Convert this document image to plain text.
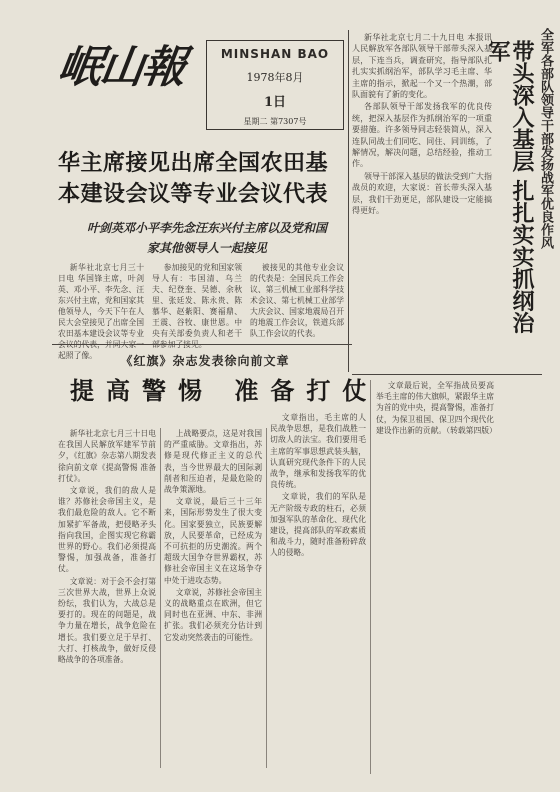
岷山報	MINSHAN BAO
1978年8月
1日
星期二 第7307号	全军各部队领导干部发扬战军优良作风
带头深入基层 扎扎实实抓纲治军

新华社北京七月二十九日电 本报讯 人民解放军各部队领导干部带头深入基层，下连当兵，调查研究，指导部队扎扎实实抓纲治军，部队学习毛主席、华主席的指示，掀起一个又一个热潮，部队面貌有了新的变化。

各部队领导干部发扬我军的优良传统，把深入基层作为抓纲治军的一项重要措施。许多领导同志轻装简从，深入连队同战士们同吃、同住、同训练，了解情况，解决问题，总结经验，推动工作。

领导干部深入基层的做法受到广大指战员的欢迎，大家说：首长带头深入基层，我们干劲更足，部队建设一定能搞得更好。

华主席接见出席全国农田基本建设会议等专业会议代表
叶剑英邓小平李先念汪东兴付主席以及党和国家其他领导人一起接见

新华社北京七月三十日电 华国锋主席，叶剑英、邓小平、李先念、汪东兴付主席，党和国家其他领导人，今天下午在人民大会堂接见了出席全国农田基本建设会议等专业 起照了像。

参加接见的党和国家领导人有：韦国清、乌兰夫、纪登奎、吴德、余秋里、张廷发、陈永贵、陈慕华、赵紫阳、赛福鼎、王震、谷牧、康世恩。中央有关部委负责人和老干

被接见的其他专业会议的代表是：全国民兵工作会议、第三机械工业部科学技术会议、第七机械工业部学大庆会议、国家地震局召开的地震工作会议，铁道兵部队工作会议的代表。

《红旗》杂志发表徐向前文章
提高警惕 准备打仗

新华社北京七月三十日电 在我国人民解放军建军节前夕，《红旗》杂志第八期发表徐向前文章《提高警惕 准备打仗》。

文章说，我们的敌人是谁？苏修社会帝国主义，是我们最危险的敌人。它不断加紧扩军备战，把侵略矛头指向我国，企图实现它称霸世界的野心。我们必须提高警惕，加强战备，准备打仗。

文章说：对于会不会打第三次世界大战，世界上众说纷纭，我们认为，大战总是要打的。现在的问题是，战争力量在增长，战争危险在增长。我们要立足于早打、大打、打核战争，做好反侵略战争的各项准备。

上战略要点，这是对我国的严重威胁。文章指出，苏修是现代修正主义的总代表，当今世界最大的国际剥削者和压迫者，是最危险的战争策源地。

文章说，最后三十三年来，国际形势发生了很大变化。国家要独立，民族要解放，人民要革命，已经成为不可抗拒的历史潮流。两个超级大国争夺世界霸权，苏修社会帝国主义在这场争夺中处于进攻态势。

文章说，苏修社会帝国主义的战略重点在欧洲，但它同时也在亚洲、中东、非洲扩张。我们必须充分估计到它发动突然袭击的可能性。

文章指出，毛主席的人民战争思想，是我们战胜一切敌人的法宝。我们要用毛主席的军事思想武装头脑，认真研究现代条件下的人民战争，继承和发扬我军的优良传统。

文章说，我们的军队是无产阶级专政的柱石，必须加强军队的革命化、现代化建设，提高部队的军政素质和战斗力，随时准备粉碎敌人的侵略。

文章最后说，全军指战员要高举毛主席的伟大旗帜，紧跟华主席为首的党中央，提高警惕，准备打仗，为保卫祖国、保卫四个现代化建设作出新的贡献。（转载第四版）
